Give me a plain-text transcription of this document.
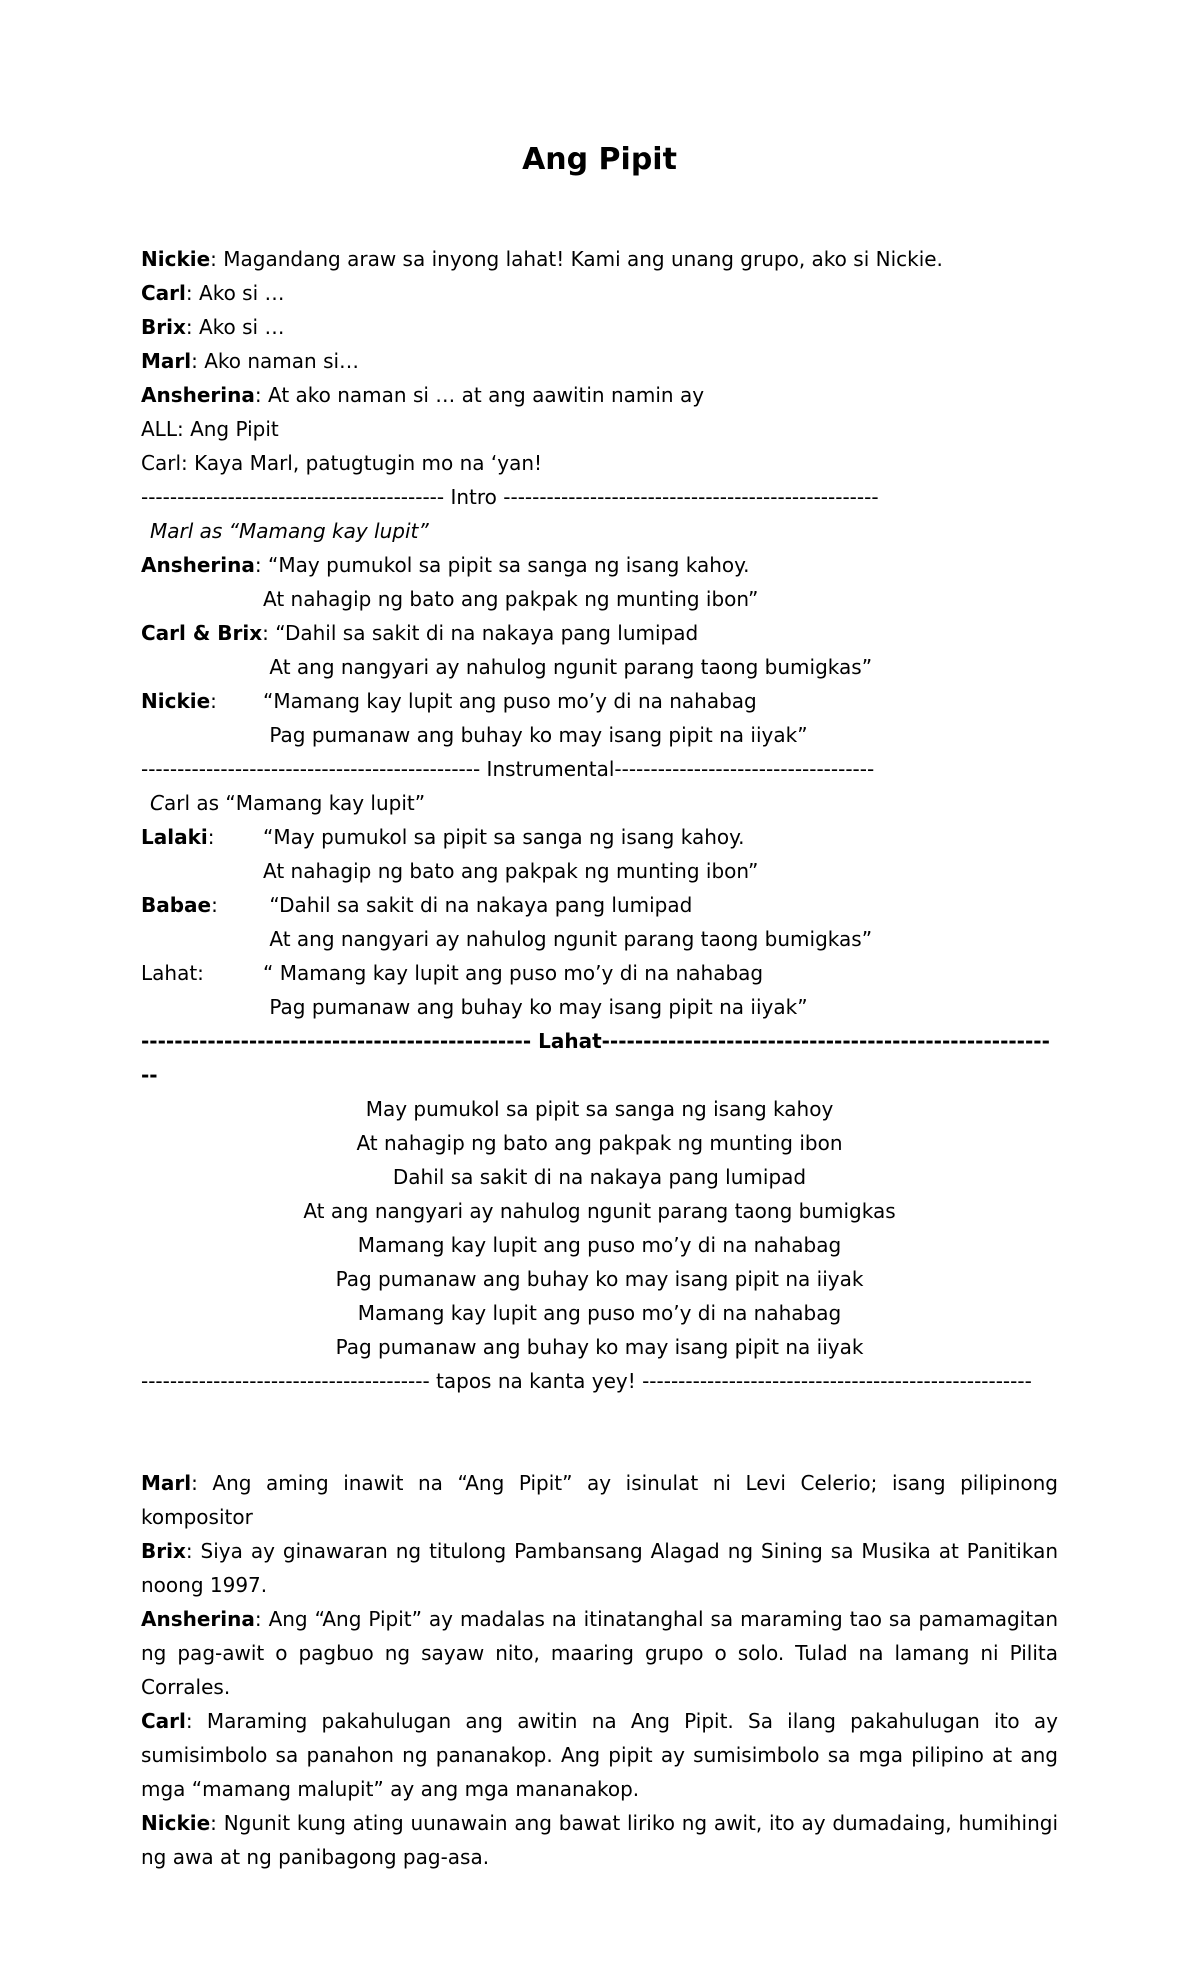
Ang Pipit
Nickie: Magandang araw sa inyong lahat! Kami ang unang grupo, ako si Nickie.
Carl: Ako si …
Brix: Ako si …
Marl: Ako naman si…
Ansherina: At ako naman si … at ang aawitin namin ay
ALL: Ang Pipit
Carl: Kaya Marl, patugtugin mo na ‘yan!
------------------------------------------ Intro ----------------------------------------------------
Marl as “Mamang kay lupit”
Ansherina: “May pumukol sa pipit sa sanga ng isang kahoy.
At nahagip ng bato ang pakpak ng munting ibon”
Carl & Brix: “Dahil sa sakit di na nakaya pang lumipad
At ang nangyari ay nahulog ngunit parang taong bumigkas”
Nickie: “Mamang kay lupit ang puso mo’y di na nahabag
Pag pumanaw ang buhay ko may isang pipit na iiyak”
----------------------------------------------- Instrumental------------------------------------
Carl as “Mamang kay lupit”
Lalaki: “May pumukol sa pipit sa sanga ng isang kahoy.
At nahagip ng bato ang pakpak ng munting ibon”
Babae: “Dahil sa sakit di na nakaya pang lumipad
At ang nangyari ay nahulog ngunit parang taong bumigkas”
Lahat:	“ Mamang kay lupit ang puso mo’y di na nahabag
Pag pumanaw ang buhay ko may isang pipit na iiyak”
----------------------------------------------- Lahat--------------------------------------------------------
May pumukol sa pipit sa sanga ng isang kahoy
At nahagip ng bato ang pakpak ng munting ibon
Dahil sa sakit di na nakaya pang lumipad
At ang nangyari ay nahulog ngunit parang taong bumigkas
Mamang kay lupit ang puso mo’y di na nahabag
Pag pumanaw ang buhay ko may isang pipit na iiyak
Mamang kay lupit ang puso mo’y di na nahabag
Pag pumanaw ang buhay ko may isang pipit na iiyak
---------------------------------------- tapos na kanta yey! ------------------------------------------------------
Marl: Ang aming inawit na “Ang Pipit” ay isinulat ni Levi Celerio; isang pilipinong kompositor
Brix: Siya ay ginawaran ng titulong Pambansang Alagad ng Sining sa Musika at Panitikan noong 1997.
Ansherina: Ang “Ang Pipit” ay madalas na itinatanghal sa maraming tao sa pamamagitan ng pag-awit o pagbuo ng sayaw nito, maaring grupo o solo. Tulad na lamang ni Pilita Corrales.
Carl: Maraming pakahulugan ang awitin na Ang Pipit. Sa ilang pakahulugan ito ay sumisimbolo sa panahon ng pananakop. Ang pipit ay sumisimbolo sa mga pilipino at ang mga “mamang malupit” ay ang mga mananakop.
Nickie: Ngunit kung ating uunawain ang bawat liriko ng awit, ito ay dumadaing, humihingi ng awa at ng panibagong pag-asa.
